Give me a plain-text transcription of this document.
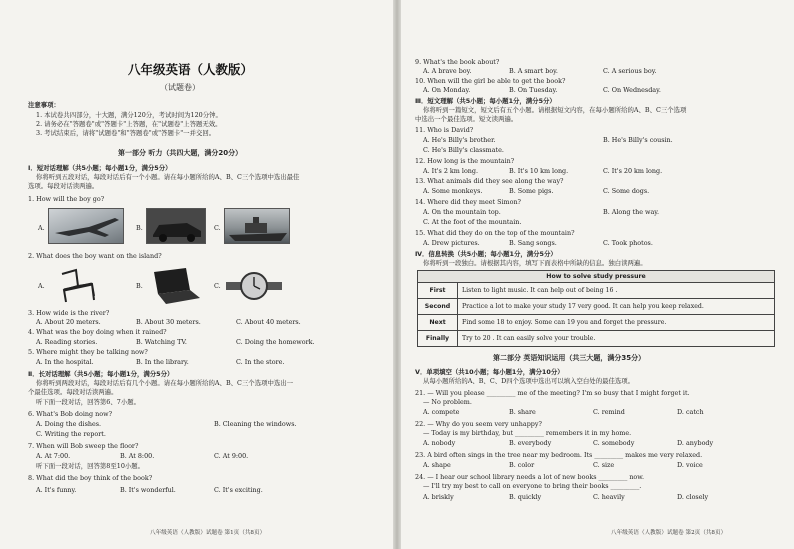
八年级英语（人教版）
（试题卷）
注意事项：
1. 本试卷共四部分，十大题，满分120分，考试时间为120分钟。
2. 请务必在"答题卷"或"答题卡"上答题，在"试题卷"上答题无效。
3. 考试结束后，请将"试题卷"和"答题卷"或"答题卡"一并交回。
第一部分 听力（共四大题，满分20分）
Ⅰ．短对话理解（共5小题；每小题1分，满分5分）
你将听到五段对话，每段对话后有一个小题。请在每小题所给的A、B、C三个选项中选出最佳
选项。每段对话读两遍。
1. How will the boy go?
A.	B.	C.
2. What does the boy want on the island?
A.	B.	C.
3. How wide is the river?
A. About 20 meters.	B. About 30 meters.	C. About 40 meters.
4. What was the boy doing when it rained?
A. Reading stories.	B. Watching TV.	C. Doing the homework.
5. Where might they be talking now?
A. In the hospital.	B. In the library.	C. In the store.
Ⅱ．长对话理解（共5小题；每小题1分，满分5分）
你将听到两段对话，每段对话后有几个小题。请在每小题所给的A、B、C三个选项中选出一
个最佳选项。每段对话读两遍。
听下面一段对话，回答第6、7小题。
6. What's Bob doing now?
A. Doing the dishes.	B. Cleaning the windows.
C. Writing the report.
7. When will Bob sweep the floor?
A. At 7:00.	B. At 8:00.	C. At 9:00.
听下面一段对话，回答第8至10小题。
8. What did the boy think of the book?
A. It's funny.	B. It's wonderful.	C. It's exciting.
八年级英语（人教版）试题卷 第1页（共8页）
9. What's the book about?
A. A brave boy.	B. A smart boy.	C. A serious boy.
10. When will the girl be able to get the book?
A. On Monday.	B. On Tuesday.	C. On Wednesday.
Ⅲ．短文理解（共5小题；每小题1分，满分5分）
你将听到一篇短文，短文后有五个小题。请根据短文内容，在每小题所给的A、B、C三个选项
中选出一个最佳选项。短文读两遍。
11. Who is David?
A. He's Billy's brother.	B. He's Billy's cousin.
C. He's Billy's classmate.
12. How long is the mountain?
A. It's 2 km long.	B. It's 10 km long.	C. It's 20 km long.
13. What animals did they see along the way?
A. Some monkeys.	B. Some pigs.	C. Some dogs.
14. Where did they meet Simon?
A. On the mountain top.	B. Along the way.
C. At the foot of the mountain.
15. What did they do on the top of the mountain?
A. Drew pictures.	B. Sang songs.	C. Took photos.
Ⅳ．信息转换（共5小题；每小题1分，满分5分）
你将听到一段独白。请根据其内容，填写下面表格中所缺的信息。独白读两遍。
How to solve study pressure	
First	Listen to light music. It can help out of being 16 .
Second	Practice a lot to make your study 17 very good. It can help you keep relaxed.
Next	Find some 18 to enjoy. Some can 19 you and forget the pressure.
Finally	Try to 20 . It can easily solve your trouble.
第二部分 英语知识运用（共三大题，满分35分）
Ⅴ．单项填空（共10小题；每小题1分，满分10分）
从每小题所给的A、B、C、D四个选项中选出可以填入空白处的最佳选项。
21. — Will you please _________ me of the meeting? I'm so busy that I might forget it.
— No problem.
A. compete	B. share	C. remind	D. catch
22. — Why do you seem very unhappy?
— Today is my birthday, but _________ remembers it in my home.
A. nobody	B. everybody	C. somebody	D. anybody
23. A bird often sings in the tree near my bedroom. Its _________ makes me very relaxed.
A. shape	B. color	C. size	D. voice
24. — I hear our school library needs a lot of new books _________ now.
— I'll try my best to call on everyone to bring their books _________.
A. briskly	B. quickly	C. heavily	D. closely
八年级英语（人教版）试题卷 第2页（共8页）
